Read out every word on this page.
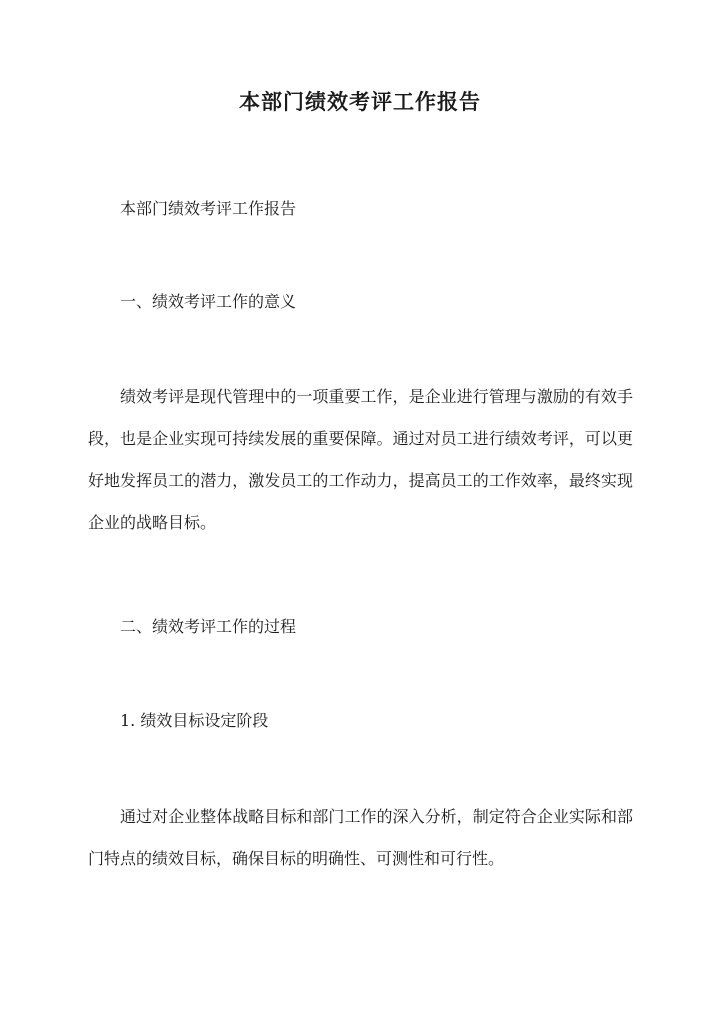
本部门绩效考评工作报告

本部门绩效考评工作报告

一、绩效考评工作的意义

绩效考评是现代管理中的一项重要工作，是企业进行管理与激励的有效手段，也是企业实现可持续发展的重要保障。通过对员工进行绩效考评，可以更好地发挥员工的潜力，激发员工的工作动力，提高员工的工作效率，最终实现企业的战略目标。

二、绩效考评工作的过程

1. 绩效目标设定阶段

通过对企业整体战略目标和部门工作的深入分析，制定符合企业实际和部门特点的绩效目标，确保目标的明确性、可测性和可行性。
